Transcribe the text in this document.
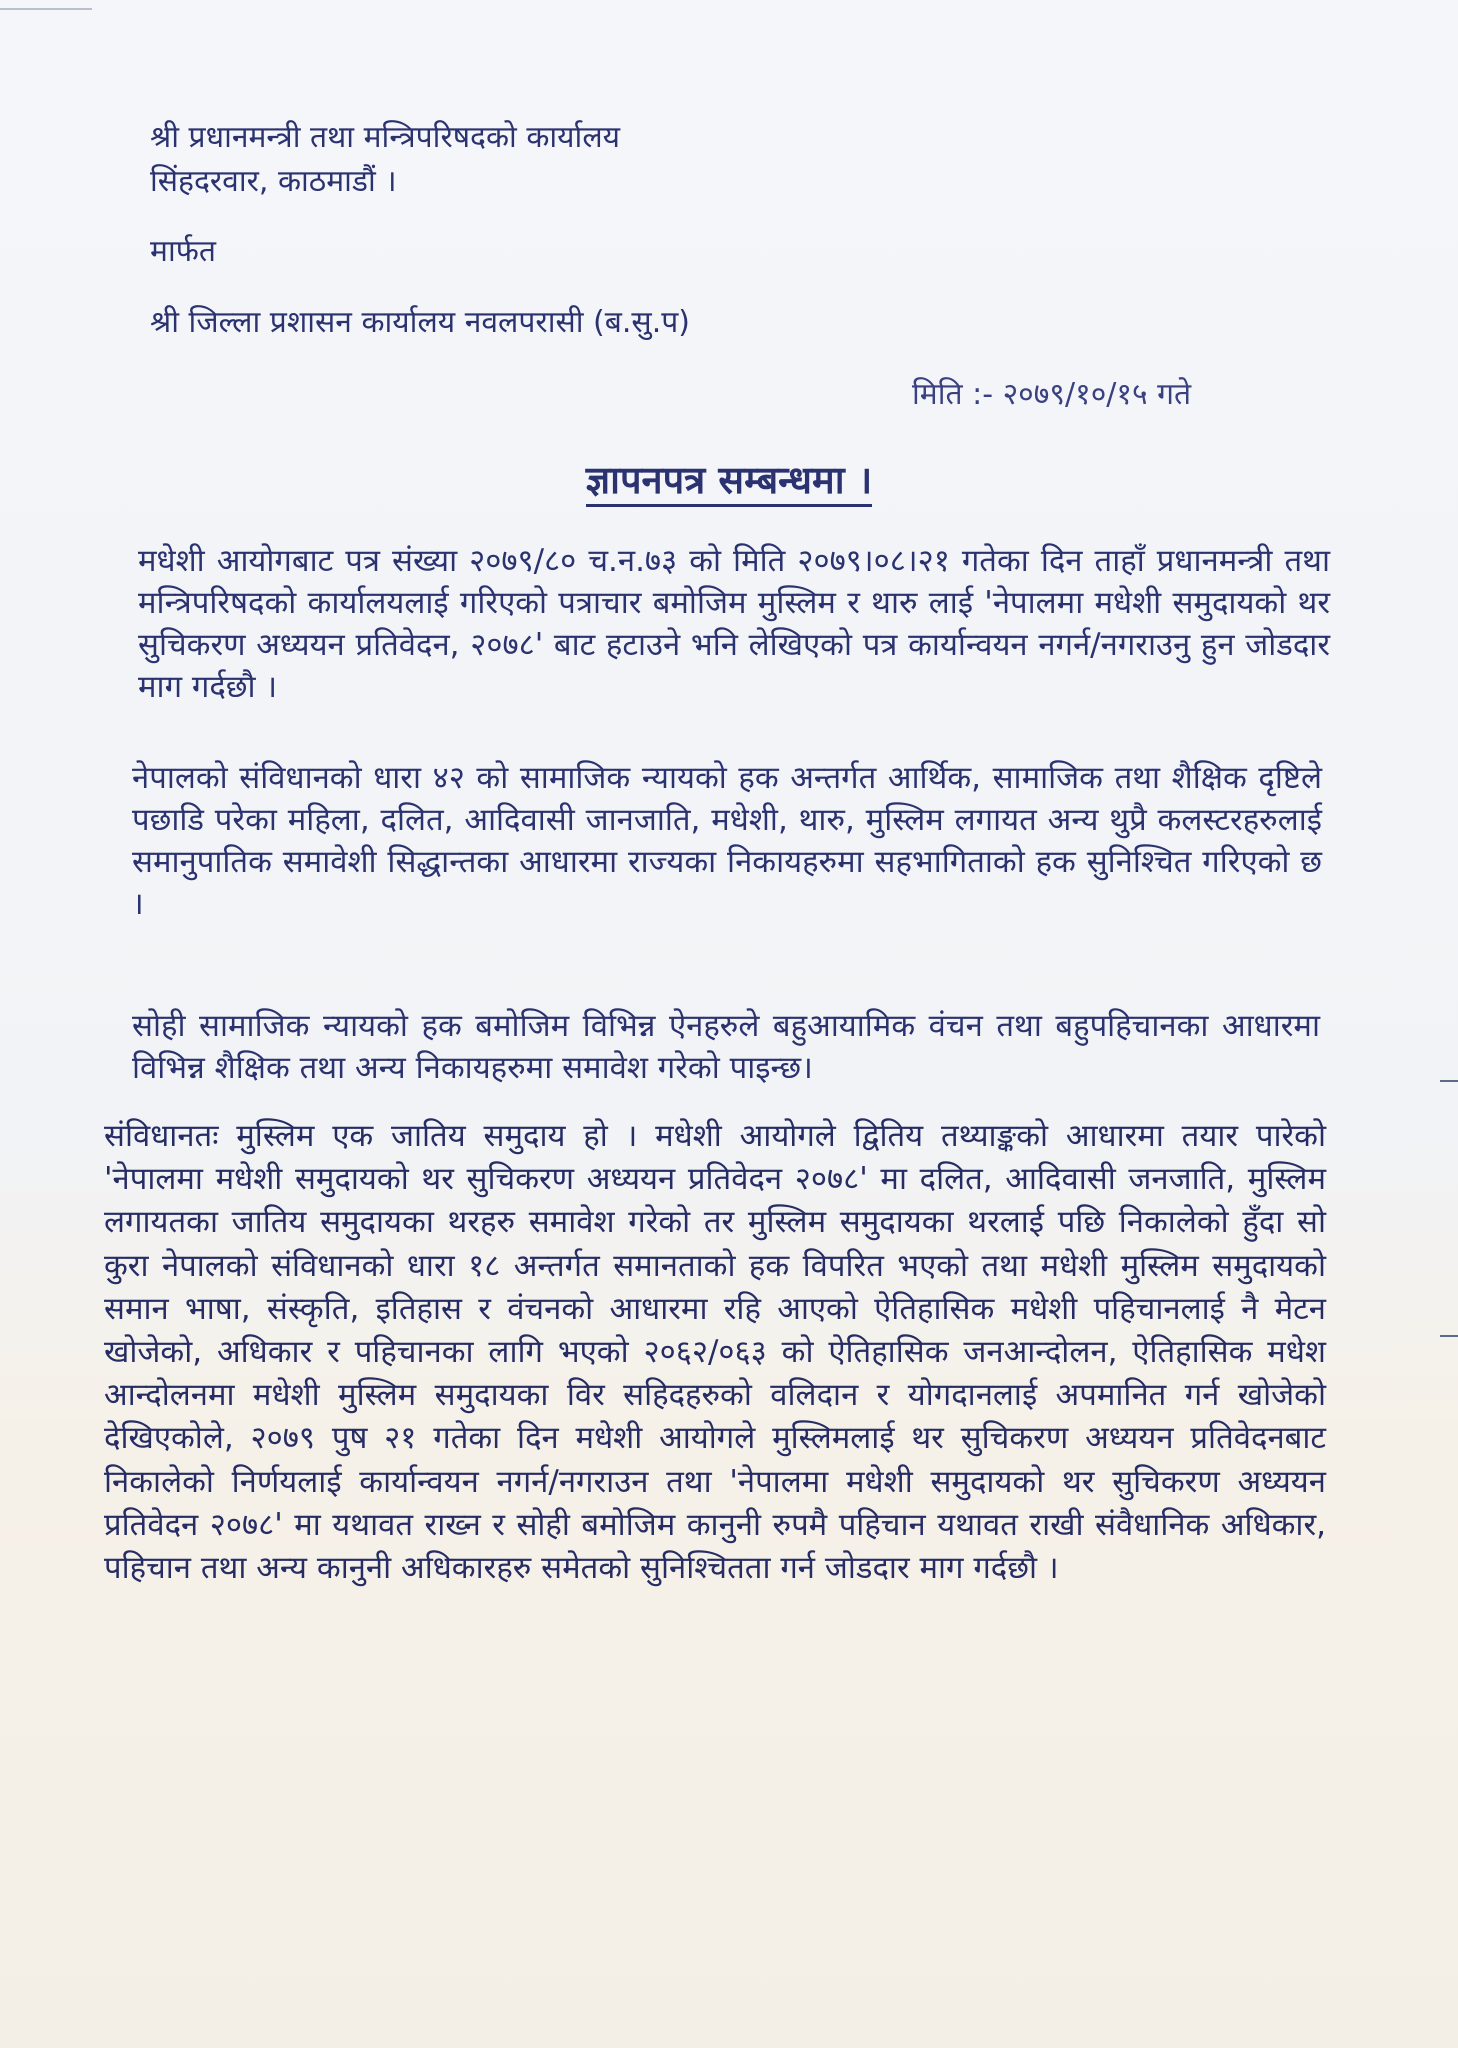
श्री प्रधानमन्त्री तथा मन्त्रिपरिषदको कार्यालय
सिंहदरवार, काठमाडौं ।
मार्फत
श्री जिल्ला प्रशासन कार्यालय नवलपरासी (ब.सु.प)
मिति :- २०७९/१०/१५ गते
ज्ञापनपत्र सम्बन्धमा ।
मधेशी आयोगबाट पत्र संख्या २०७९/८० च.न.७३ को मिति २०७९।०८।२१ गतेका दिन ताहाँ प्रधानमन्त्री तथा मन्त्रिपरिषदको कार्यालयलाई गरिएको पत्राचार बमोजिम मुस्लिम र थारु लाई 'नेपालमा मधेशी समुदायको थर सुचिकरण अध्ययन प्रतिवेदन, २०७८' बाट हटाउने भनि लेखिएको पत्र कार्यान्वयन नगर्न/नगराउनु हुन जोडदार माग गर्दछौ ।
नेपालको संविधानको धारा ४२ को सामाजिक न्यायको हक अन्तर्गत आर्थिक, सामाजिक तथा शैक्षिक दृष्टिले पछाडि परेका महिला, दलित, आदिवासी जानजाति, मधेशी, थारु, मुस्लिम लगायत अन्य थुप्रै कलस्टरहरुलाई समानुपातिक समावेशी सिद्धान्तका आधारमा राज्यका निकायहरुमा सहभागिताको हक सुनिश्चित गरिएको छ ।
सोही सामाजिक न्यायको हक बमोजिम विभिन्न ऐनहरुले बहुआयामिक वंचन तथा बहुपहिचानका आधारमा विभिन्न शैक्षिक तथा अन्य निकायहरुमा समावेश गरेको पाइन्छ।
संविधानतः मुस्लिम एक जातिय समुदाय हो । मधेशी आयोगले द्वितिय तथ्याङ्कको आधारमा तयार पारेको 'नेपालमा मधेशी समुदायको थर सुचिकरण अध्ययन प्रतिवेदन २०७८' मा दलित, आदिवासी जनजाति, मुस्लिम लगायतका जातिय समुदायका थरहरु समावेश गरेको तर मुस्लिम समुदायका थरलाई पछि निकालेको हुँदा सो कुरा नेपालको संविधानको धारा १८ अन्तर्गत समानताको हक विपरित भएको तथा मधेशी मुस्लिम समुदायको समान भाषा, संस्कृति, इतिहास र वंचनको आधारमा रहि आएको ऐतिहासिक मधेशी पहिचानलाई नै मेटन खोजेको, अधिकार र पहिचानका लागि भएको २०६२/०६३ को ऐतिहासिक जनआन्दोलन, ऐतिहासिक मधेश आन्दोलनमा मधेशी मुस्लिम समुदायका विर सहिदहरुको वलिदान र योगदानलाई अपमानित गर्न खोजेको देखिएकोले, २०७९ पुष २१ गतेका दिन मधेशी आयोगले मुस्लिमलाई थर सुचिकरण अध्ययन प्रतिवेदनबाट निकालेको निर्णयलाई कार्यान्वयन नगर्न/नगराउन तथा 'नेपालमा मधेशी समुदायको थर सुचिकरण अध्ययन प्रतिवेदन २०७८' मा यथावत राख्न र सोही बमोजिम कानुनी रुपमै पहिचान यथावत राखी संवैधानिक अधिकार, पहिचान तथा अन्य कानुनी अधिकारहरु समेतको सुनिश्चितता गर्न जोडदार माग गर्दछौ ।
